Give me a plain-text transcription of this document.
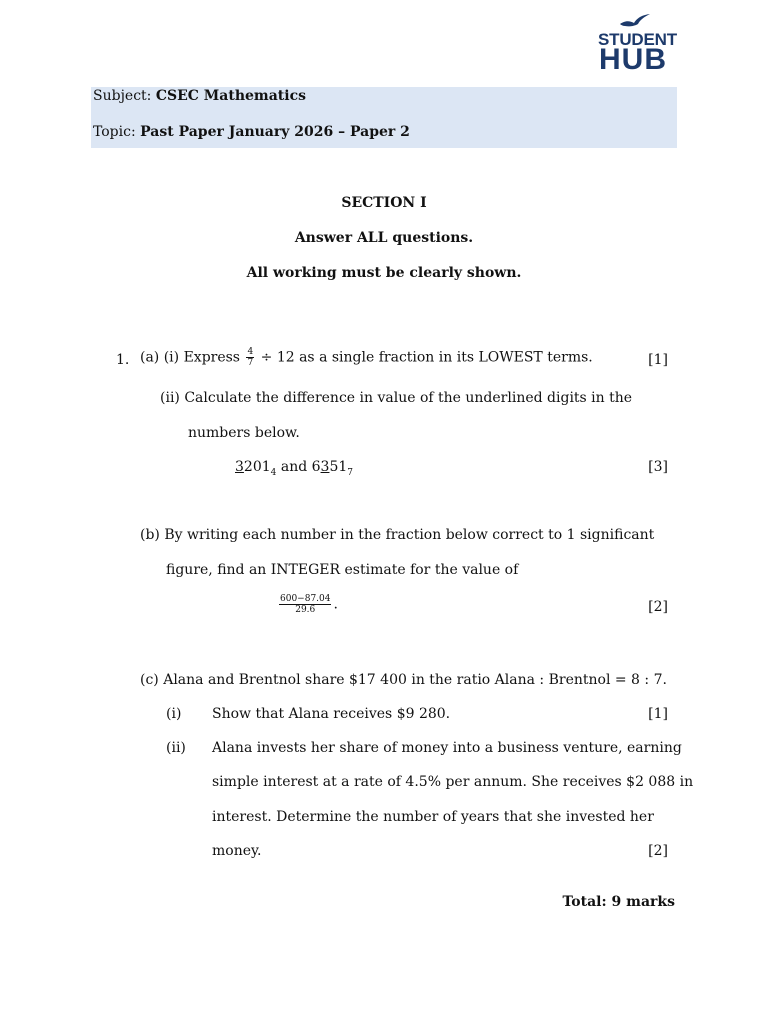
STUDENT
HUB
Subject: CSEC Mathematics
Topic: Past Paper January 2026 – Paper 2
SECTION I
Answer ALL questions.
All working must be clearly shown.
1. (a) (i) Express $\frac{4}{7} \div 12$ as a single fraction in its LOWEST terms.	[1]
(ii) Calculate the difference in value of the underlined digits in the
numbers below.
$3201_4$ and $6351_7$	[3]
(b) By writing each number in the fraction below correct to 1 significant
figure, find an INTEGER estimate for the value of
$\frac{600-87.04}{29.6}$ .	[2]
(c) Alana and Brentnol share $17 400 in the ratio Alana : Brentnol = 8 : 7.
(i) Show that Alana receives $9 280.	[1]
(ii) Alana invests her share of money into a business venture, earning
simple interest at a rate of 4.5% per annum. She receives $2 088 in
interest. Determine the number of years that she invested her
money.	[2]
Total: 9 marks
